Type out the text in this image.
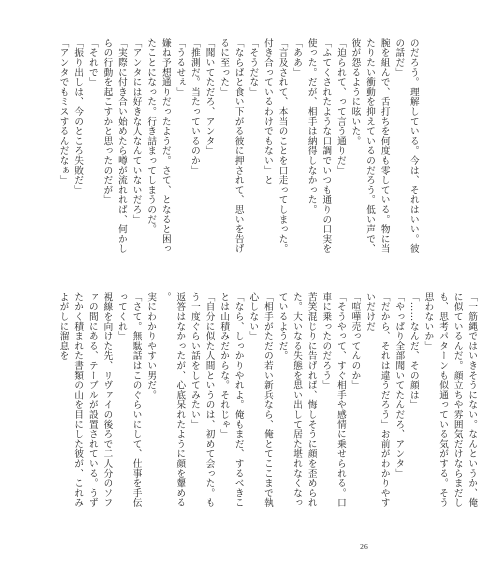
のだろう。理解している。今は、それはいい。彼の話だ」
腕を組んで、舌打ちを何度も零している。物に当たりたい衝動を抑えているのだろう。低い声で、彼が怨るように呟いた。
「迫られて、って言う通りだ」
「ふてくされたような口調でいつも通りの口実を使った。だが、相手は納得しなかった。
「ああ」
「言及されて、本当のことを口走ってしまった。付き合っているわけでもない」と
「そうだな」
「ならばと食い下がる彼に押されて、思いを告げるに至った」
「聞いてただろ、アンタ」
「推測だ。当たっているのか」
「うるせぇ」
嫌ね予想通りだったようだ。さて、となると困ったことになった。行き詰まってしまうのだ。
「アンタには好きな人なんていないだろ」
「実際に付き合い始めたら噂が流れれば、何かしらの行動を起こすかと思ったのだが」
「それで」
「振り出しは、今のところ失敗だ」
「アンタでもミスするんだなぁ」
「一筋縄ではいきそうにない。なんというか、俺に似ているんだ。顔立ちや雰囲気だけならまだしも、思考パターンも似通っている気がする。そう思わないか」
「……なんだ、その顔は」
「やっぱり全部聞いてたんだろ、アンタ」
「だから、それは違うだろう」お前がわかりやすいだけだ
「喧嘩売ってんのか」
「そうやって、すぐ相手や感情に乗せられる。口車に乗ったのだろう」
苦笑混じりに告げれば、悔しそうに顔を歪められた。大いなる失態を思い出して居た堪れなくなっているようだ。
「相手がただの若い新兵なら、俺とてここまで執心しない」
「なら、しっかりやれよ。俺もまだ、するべきことは山積みだからな。それじゃ」
「自分に似た人間というのは、初めて会った。もう一度ぐらい話をしてみたい」
返答はなかったが、心底呆れたように顔を顰める。
実にわかりやすい男だ。
「さて。無駄話はこのぐらいにして、仕事を手伝ってくれ」
視線を向けた先、リヴァイの後ろで二人分のソファの間にある、テーブルが設置されている。うずたかく積まれた書類の山を目にした彼が、これみよがしに溜息を
26
